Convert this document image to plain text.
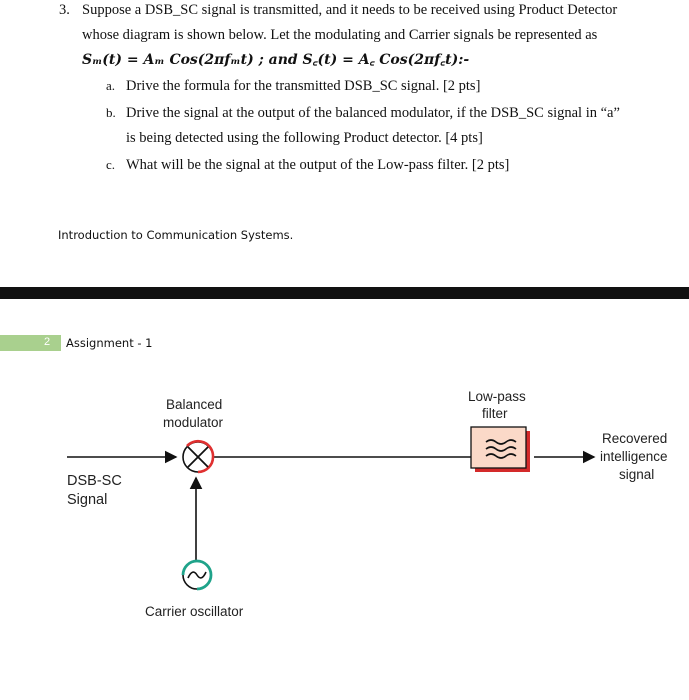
3. Suppose a DSB_SC signal is transmitted, and it needs to be received using Product Detector
whose diagram is shown below. Let the modulating and Carrier signals be represented as
Sₘ(t) = Aₘ Cos(2πfₘt) ; and S꜀(t) = A꜀ Cos(2πf꜀t):-
a. Drive the formula for the transmitted DSB_SC signal. [2 pts]
b. Drive the signal at the output of the balanced modulator, if the DSB_SC signal in “a”
is being detected using the following Product detector. [4 pts]
c. What will be the signal at the output of the Low-pass filter. [2 pts]
Introduction to Communication Systems.
2 Assignment - 1
Balanced
modulator
Low-pass
filter
DSB-SC
Signal
Recovered
intelligence
signal
Carrier oscillator
